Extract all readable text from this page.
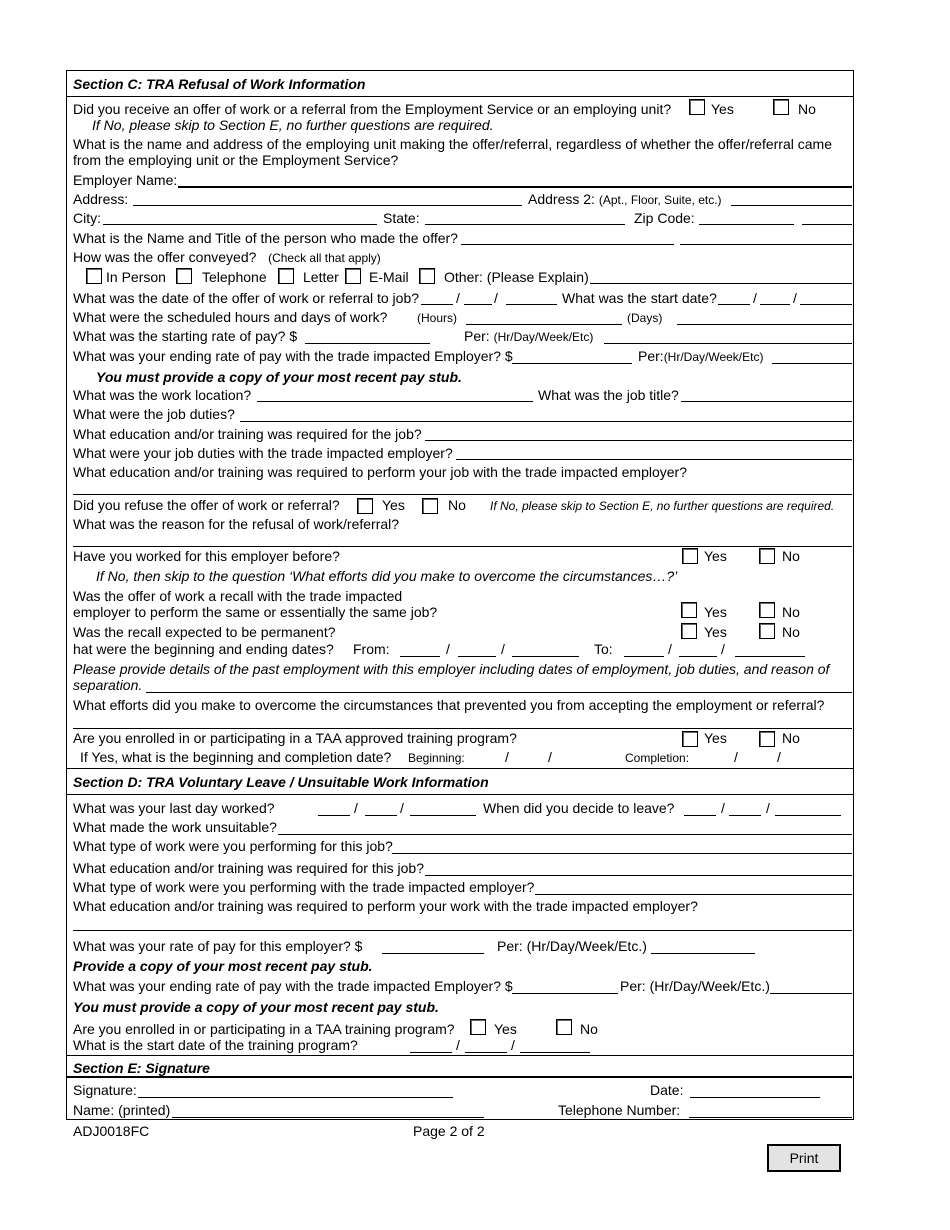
Section C: TRA Refusal of Work Information
Did you receive an offer of work or a referral from the Employment Service or an employing unit?	Yes	No
If No, please skip to Section E, no further questions are required.
What is the name and address of the employing unit making the offer/referral, regardless of whether the offer/referral came
from the employing unit or the Employment Service?
Employer Name:
Address:	Address 2: (Apt., Floor, Suite, etc.)
City:	State:	Zip Code:
What is the Name and Title of the person who made the offer?
How was the offer conveyed? (Check all that apply)
In Person	Telephone	Letter E-Mail	Other: (Please Explain)
What was the date of the offer of work or referral to job?	/ /	What was the start date?	/	/
What were the scheduled hours and days of work? (Hours)	(Days)
What was the starting rate of pay? $	Per: (Hr/Day/Week/Etc)
What was your ending rate of pay with the trade impacted Employer? $	Per:(Hr/Day/Week/Etc)
You must provide a copy of your most recent pay stub.
What was the work location?	What was the job title?
What were the job duties?
What education and/or training was required for the job?
What were your job duties with the trade impacted employer?
What education and/or training was required to perform your job with the trade impacted employer?
Did you refuse the offer of work or referral?	Yes	No If No, please skip to Section E, no further questions are required.
What was the reason for the refusal of work/referral?
Have you worked for this employer before?	Yes	No
If No, then skip to the question ‘What efforts did you make to overcome the circumstances…?’
Was the offer of work a recall with the trade impacted
employer to perform the same or essentially the same job?	Yes	No
Was the recall expected to be permanent?	Yes	No
hat were the beginning and ending dates? From:	/	/	To:	/	/
Please provide details of the past employment with this employer including dates of employment, job duties, and reason of
separation.
What efforts did you make to overcome the circumstances that prevented you from accepting the employment or referral?
Are you enrolled in or participating in a TAA approved training program?	Yes	No
If Yes, what is the beginning and completion date? Beginning:	/	/	Completion:	/	/
Section D: TRA Voluntary Leave / Unsuitable Work Information
What was your last day worked?	/	/	When did you decide to leave?	/	/
What made the work unsuitable?
What type of work were you performing for this job?
What education and/or training was required for this job?
What type of work were you performing with the trade impacted employer?
What education and/or training was required to perform your work with the trade impacted employer?
What was your rate of pay for this employer? $	Per: (Hr/Day/Week/Etc.)
Provide a copy of your most recent pay stub.
What was your ending rate of pay with the trade impacted Employer? $	Per: (Hr/Day/Week/Etc.)
You must provide a copy of your most recent pay stub.
Are you enrolled in or participating in a TAA training program?	Yes	No
What is the start date of the training program?	/	/
Section E: Signature
Signature:	Date:
Name: (printed)	Telephone Number:
ADJ0018FC	Page 2 of 2
Print
